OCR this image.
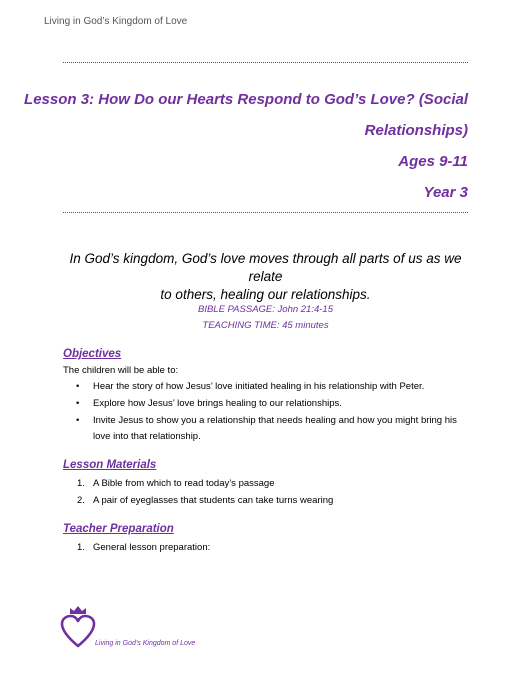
Living in God’s Kingdom of Love
Lesson 3: How Do our Hearts Respond to God’s Love? (Social
Relationships)
Ages 9-11
Year 3
In God’s kingdom, God’s love moves through all parts of us as we relate
to others, healing our relationships.
BIBLE PASSAGE: John 21:4-15
TEACHING TIME: 45 minutes
Objectives
The children will be able to:
• Hear the story of how Jesus’ love initiated healing in his relationship with Peter.
• Explore how Jesus’ love brings healing to our relationships.
• Invite Jesus to show you a relationship that needs healing and how you might bring his love into that relationship.
Lesson Materials
1. A Bible from which to read today’s passage
2. A pair of eyeglasses that students can take turns wearing
Teacher Preparation
1. General lesson preparation:
Living in God’s Kingdom of Love
